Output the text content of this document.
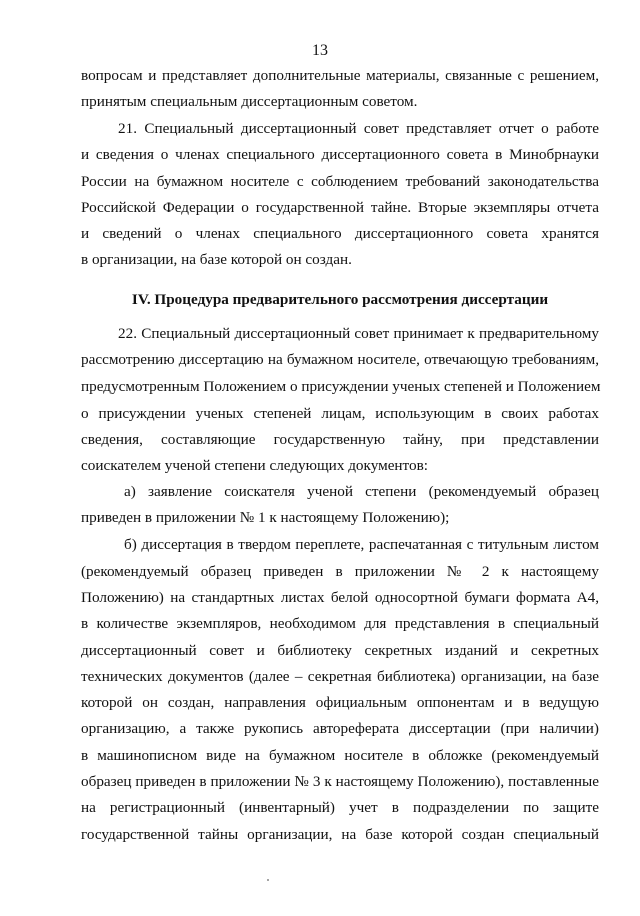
13
вопросам и представляет дополнительные материалы, связанные с решением,
принятым специальным диссертационным советом.
21. Специальный диссертационный совет представляет отчет о работе
и сведения о членах специального диссертационного совета в Минобрнауки
России на бумажном носителе с соблюдением требований законодательства
Российской Федерации о государственной тайне. Вторые экземпляры отчета
и сведений о членах специального диссертационного совета хранятся
в организации, на базе которой он создан.
IV. Процедура предварительного рассмотрения диссертации
22. Специальный диссертационный совет принимает к предварительному
рассмотрению диссертацию на бумажном носителе, отвечающую требованиям,
предусмотренным Положением о присуждении ученых степеней и Положением
о присуждении ученых степеней лицам, использующим в своих работах
сведения, составляющие государственную тайну, при представлении
соискателем ученой степени следующих документов:
а) заявление соискателя ученой степени (рекомендуемый образец
приведен в приложении № 1 к настоящему Положению);
б) диссертация в твердом переплете, распечатанная с титульным листом
(рекомендуемый образец приведен в приложении № 2 к настоящему
Положению) на стандартных листах белой односортной бумаги формата А4,
в количестве экземпляров, необходимом для представления в специальный
диссертационный совет и библиотеку секретных изданий и секретных
технических документов (далее – секретная библиотека) организации, на базе
которой он создан, направления официальным оппонентам и в ведущую
организацию, а также рукопись автореферата диссертации (при наличии)
в машинописном виде на бумажном носителе в обложке (рекомендуемый
образец приведен в приложении № 3 к настоящему Положению), поставленные
на регистрационный (инвентарный) учет в подразделении по защите
государственной тайны организации, на базе которой создан специальный
